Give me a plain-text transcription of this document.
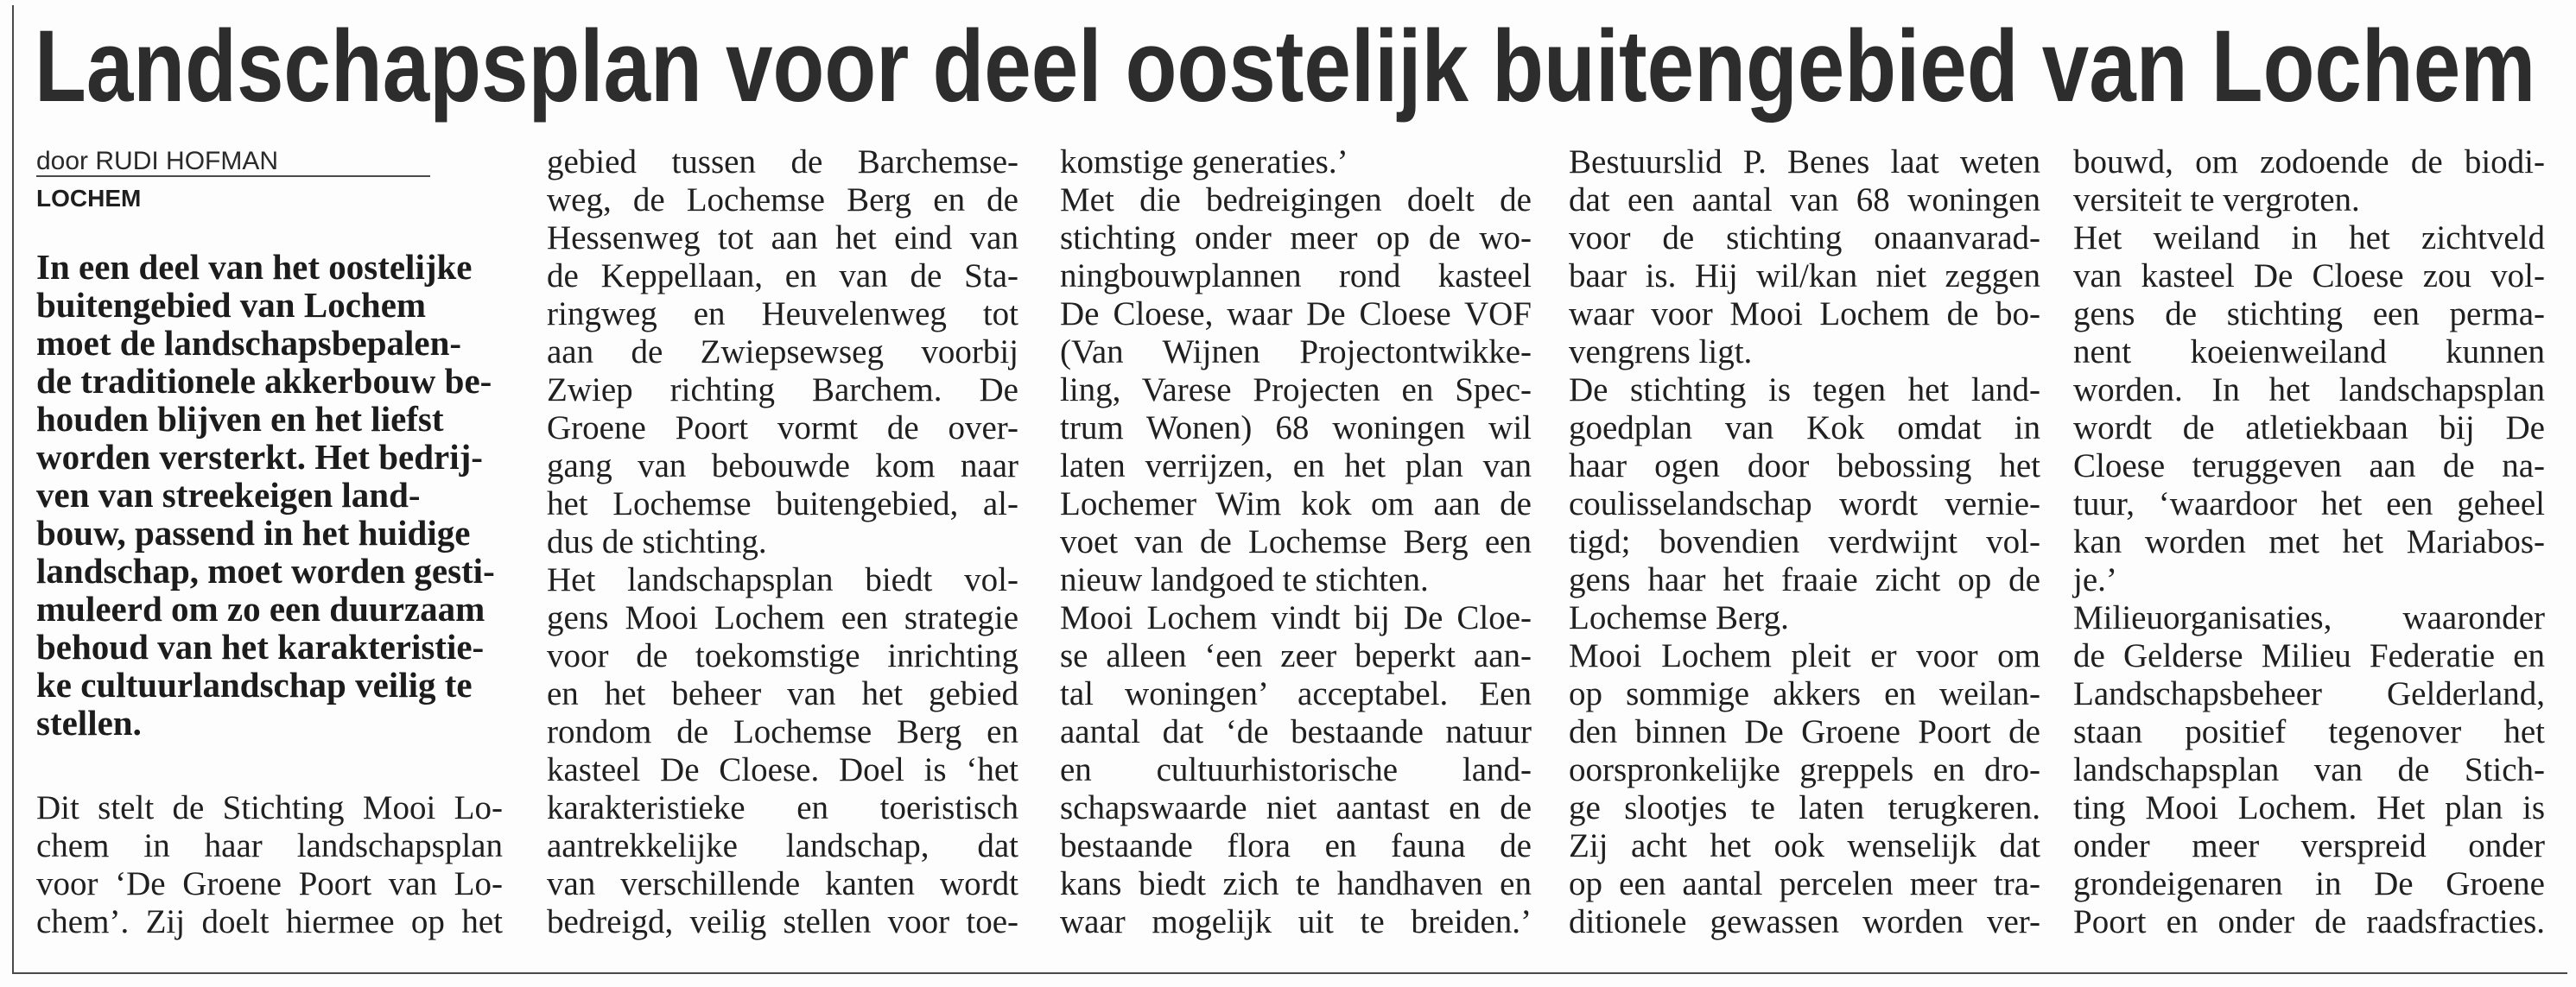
Landschapsplan voor deel oostelijk buitengebied van Lochem
door RUDI HOFMAN
LOCHEM
In een deel van het oostelijke
buitengebied van Lochem
moet de landschapsbepalen-
de traditionele akkerbouw be-
houden blijven en het liefst
worden versterkt. Het bedrij-
ven van streekeigen land-
bouw, passend in het huidige
landschap, moet worden gesti-
muleerd om zo een duurzaam
behoud van het karakteristie-
ke cultuurlandschap veilig te
stellen.
Dit stelt de Stichting Mooi Lo-
chem in haar landschapsplan
voor ‘De Groene Poort van Lo-
chem’. Zij doelt hiermee op het
gebied tussen de Barchemse-
weg, de Lochemse Berg en de
Hessenweg tot aan het eind van
de Keppellaan, en van de Sta-
ringweg en Heuvelenweg tot
aan de Zwiepsewseg voorbij
Zwiep richting Barchem. De
Groene Poort vormt de over-
gang van bebouwde kom naar
het Lochemse buitengebied, al-
dus de stichting.
Het landschapsplan biedt vol-
gens Mooi Lochem een strategie
voor de toekomstige inrichting
en het beheer van het gebied
rondom de Lochemse Berg en
kasteel De Cloese. Doel is ‘het
karakteristieke en toeristisch
aantrekkelijke landschap, dat
van verschillende kanten wordt
bedreigd, veilig stellen voor toe-
komstige generaties.’
Met die bedreigingen doelt de
stichting onder meer op de wo-
ningbouwplannen rond kasteel
De Cloese, waar De Cloese VOF
(Van Wijnen Projectontwikke-
ling, Varese Projecten en Spec-
trum Wonen) 68 woningen wil
laten verrijzen, en het plan van
Lochemer Wim kok om aan de
voet van de Lochemse Berg een
nieuw landgoed te stichten.
Mooi Lochem vindt bij De Cloe-
se alleen ‘een zeer beperkt aan-
tal woningen’ acceptabel. Een
aantal dat ‘de bestaande natuur
en cultuurhistorische land-
schapswaarde niet aantast en de
bestaande flora en fauna de
kans biedt zich te handhaven en
waar mogelijk uit te breiden.’
Bestuurslid P. Benes laat weten
dat een aantal van 68 woningen
voor de stichting onaanvarad-
baar is. Hij wil/kan niet zeggen
waar voor Mooi Lochem de bo-
vengrens ligt.
De stichting is tegen het land-
goedplan van Kok omdat in
haar ogen door bebossing het
coulisselandschap wordt vernie-
tigd; bovendien verdwijnt vol-
gens haar het fraaie zicht op de
Lochemse Berg.
Mooi Lochem pleit er voor om
op sommige akkers en weilan-
den binnen De Groene Poort de
oorspronkelijke greppels en dro-
ge slootjes te laten terugkeren.
Zij acht het ook wenselijk dat
op een aantal percelen meer tra-
ditionele gewassen worden ver-
bouwd, om zodoende de biodi-
versiteit te vergroten.
Het weiland in het zichtveld
van kasteel De Cloese zou vol-
gens de stichting een perma-
nent koeienweiland kunnen
worden. In het landschapsplan
wordt de atletiekbaan bij De
Cloese teruggeven aan de na-
tuur, ‘waardoor het een geheel
kan worden met het Mariabos-
je.’
Milieuorganisaties, waaronder
de Gelderse Milieu Federatie en
Landschapsbeheer Gelderland,
staan positief tegenover het
landschapsplan van de Stich-
ting Mooi Lochem. Het plan is
onder meer verspreid onder
grondeigenaren in De Groene
Poort en onder de raadsfracties.
